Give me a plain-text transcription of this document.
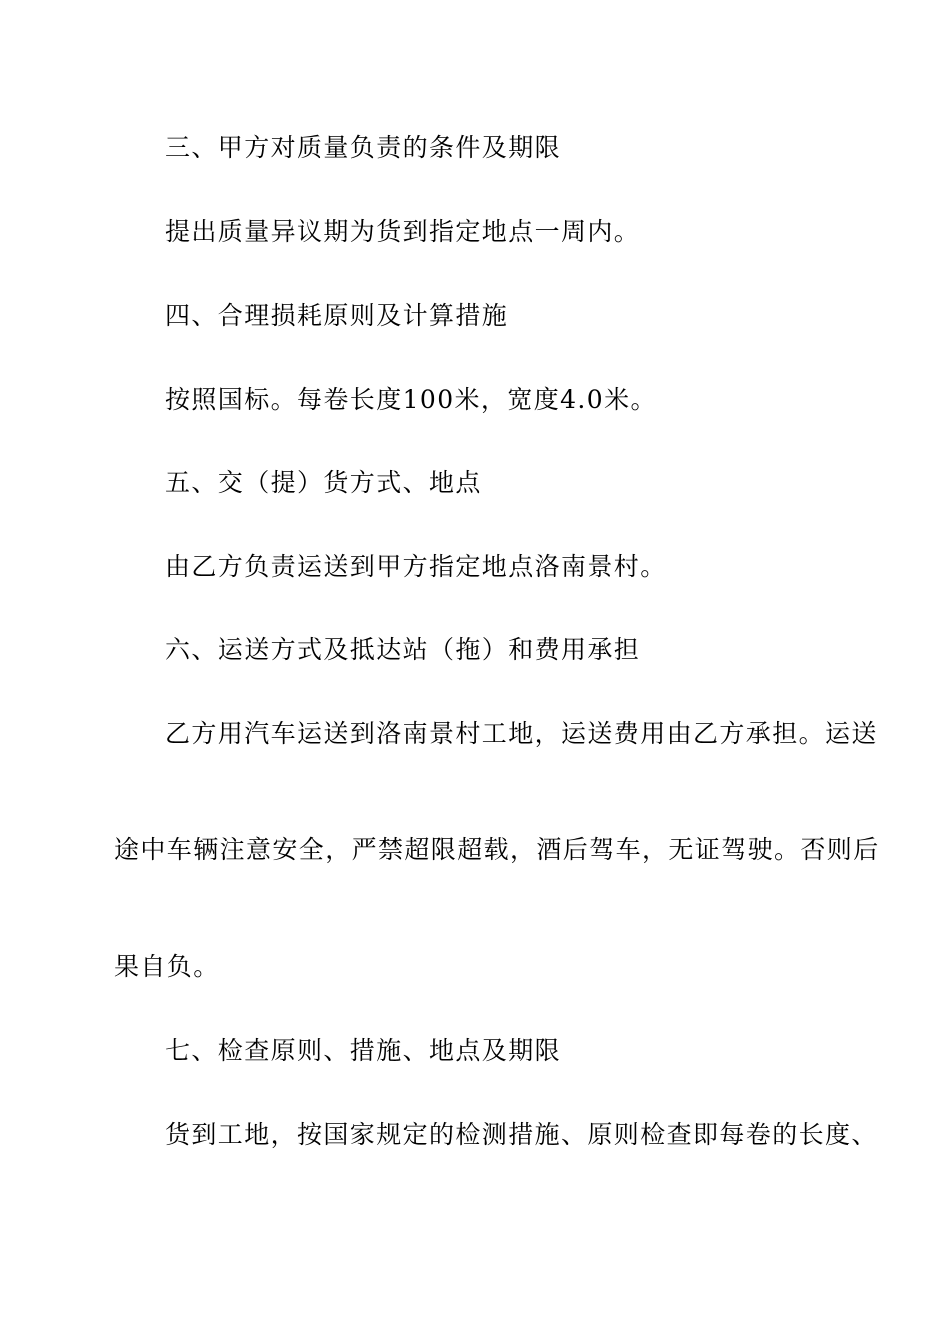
三、甲方对质量负责的条件及期限
提出质量异议期为货到指定地点一周内。
四、合理损耗原则及计算措施
按照国标。每卷长度100米，宽度4.0米。
五、交（提）货方式、地点
由乙方负责运送到甲方指定地点洛南景村。
六、运送方式及抵达站（拖）和费用承担
乙方用汽车运送到洛南景村工地，运送费用由乙方承担。运送
途中车辆注意安全，严禁超限超载，酒后驾车，无证驾驶。否则后
果自负。
七、检查原则、措施、地点及期限
货到工地，按国家规定的检测措施、原则检查即每卷的长度、
